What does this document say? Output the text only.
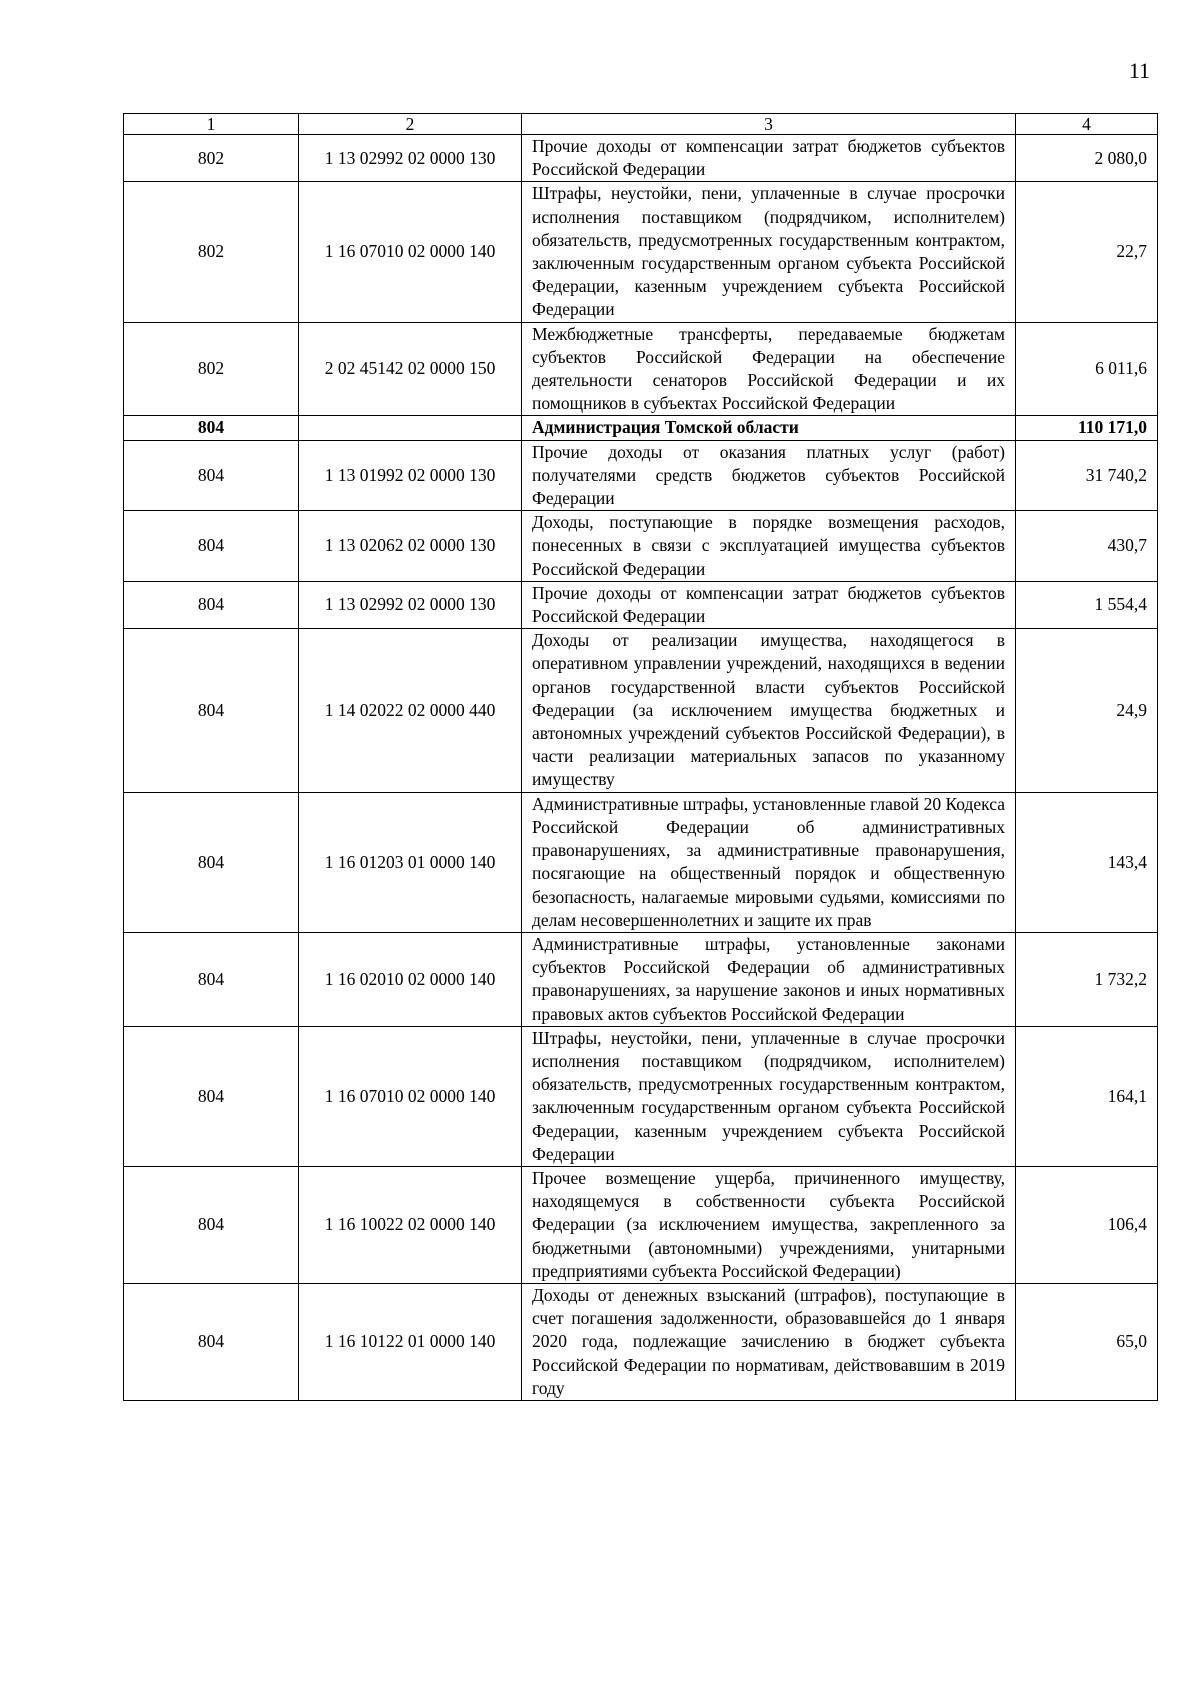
11
1	2	3	4
802	1 13 02992 02 0000 130	Прочие доходы от компенсации затрат бюджетов субъектов Российской Федерации	2 080,0
802	1 16 07010 02 0000 140	Штрафы, неустойки, пени, уплаченные в случае просрочки исполнения поставщиком (подрядчиком, исполнителем) обязательств, предусмотренных государственным контрактом, заключенным государственным органом субъекта Российской Федерации, казенным учреждением субъекта Российской Федерации	22,7
802	2 02 45142 02 0000 150	Межбюджетные трансферты, передаваемые бюджетам субъектов Российской Федерации на обеспечение деятельности сенаторов Российской Федерации и их помощников в субъектах Российской Федерации	6 011,6
804		Администрация Томской области	110 171,0
804	1 13 01992 02 0000 130	Прочие доходы от оказания платных услуг (работ) получателями средств бюджетов субъектов Российской Федерации	31 740,2
804	1 13 02062 02 0000 130	Доходы, поступающие в порядке возмещения расходов, понесенных в связи с эксплуатацией имущества субъектов Российской Федерации	430,7
804	1 13 02992 02 0000 130	Прочие доходы от компенсации затрат бюджетов субъектов Российской Федерации	1 554,4
804	1 14 02022 02 0000 440	Доходы от реализации имущества, находящегося в оперативном управлении учреждений, находящихся в ведении органов государственной власти субъектов Российской Федерации (за исключением имущества бюджетных и автономных учреждений субъектов Российской Федерации), в части реализации материальных запасов по указанному имуществу	24,9
804	1 16 01203 01 0000 140	Административные штрафы, установленные главой 20 Кодекса Российской Федерации об административных правонарушениях, за административные правонарушения, посягающие на общественный порядок и общественную безопасность, налагаемые мировыми судьями, комиссиями по делам несовершеннолетних и защите их прав	143,4
804	1 16 02010 02 0000 140	Административные штрафы, установленные законами субъектов Российской Федерации об административных правонарушениях, за нарушение законов и иных нормативных правовых актов субъектов Российской Федерации	1 732,2
804	1 16 07010 02 0000 140	Штрафы, неустойки, пени, уплаченные в случае просрочки исполнения поставщиком (подрядчиком, исполнителем) обязательств, предусмотренных государственным контрактом, заключенным государственным органом субъекта Российской Федерации, казенным учреждением субъекта Российской Федерации	164,1
804	1 16 10022 02 0000 140	Прочее возмещение ущерба, причиненного имуществу, находящемуся в собственности субъекта Российской Федерации (за исключением имущества, закрепленного за бюджетными (автономными) учреждениями, унитарными предприятиями субъекта Российской Федерации)	106,4
804	1 16 10122 01 0000 140	Доходы от денежных взысканий (штрафов), поступающие в счет погашения задолженности, образовавшейся до 1 января 2020 года, подлежащие зачислению в бюджет субъекта Российской Федерации по нормативам, действовавшим в 2019 году	65,0
